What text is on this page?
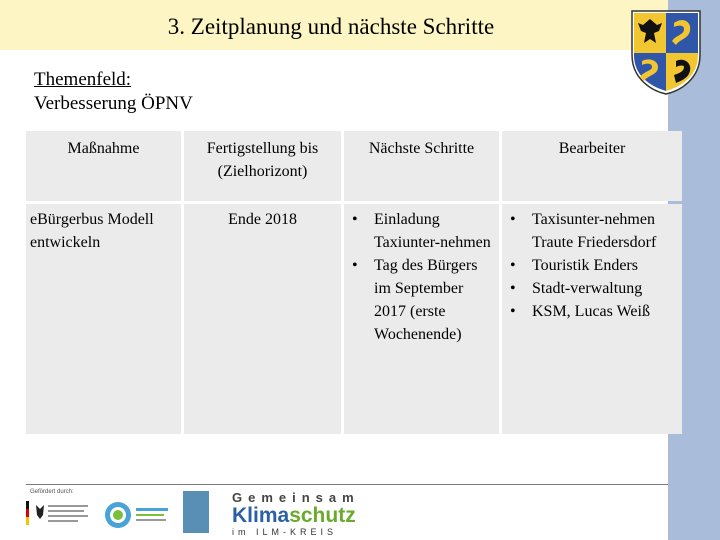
3. Zeitplanung und nächste Schritte
Themenfeld:
Verbesserung ÖPNV
Maßnahme	Fertigstellung bis (Zielhorizont)
Nächste Schritte	Bearbeiter
eBürgerbus Modell entwickeln
Ende 2018
•	Einladung Taxiunter-nehmen
• Tag des Bürgers im September 2017 (erste Wochenende)
• Taxisunter-nehmen Traute Friedersdorf
• Touristik Enders
• Stadt-verwaltung
• KSM, Lucas Weiß
Gefördert durch:	Gemeinsam
Klimaschutz
im ILM-KREIS
